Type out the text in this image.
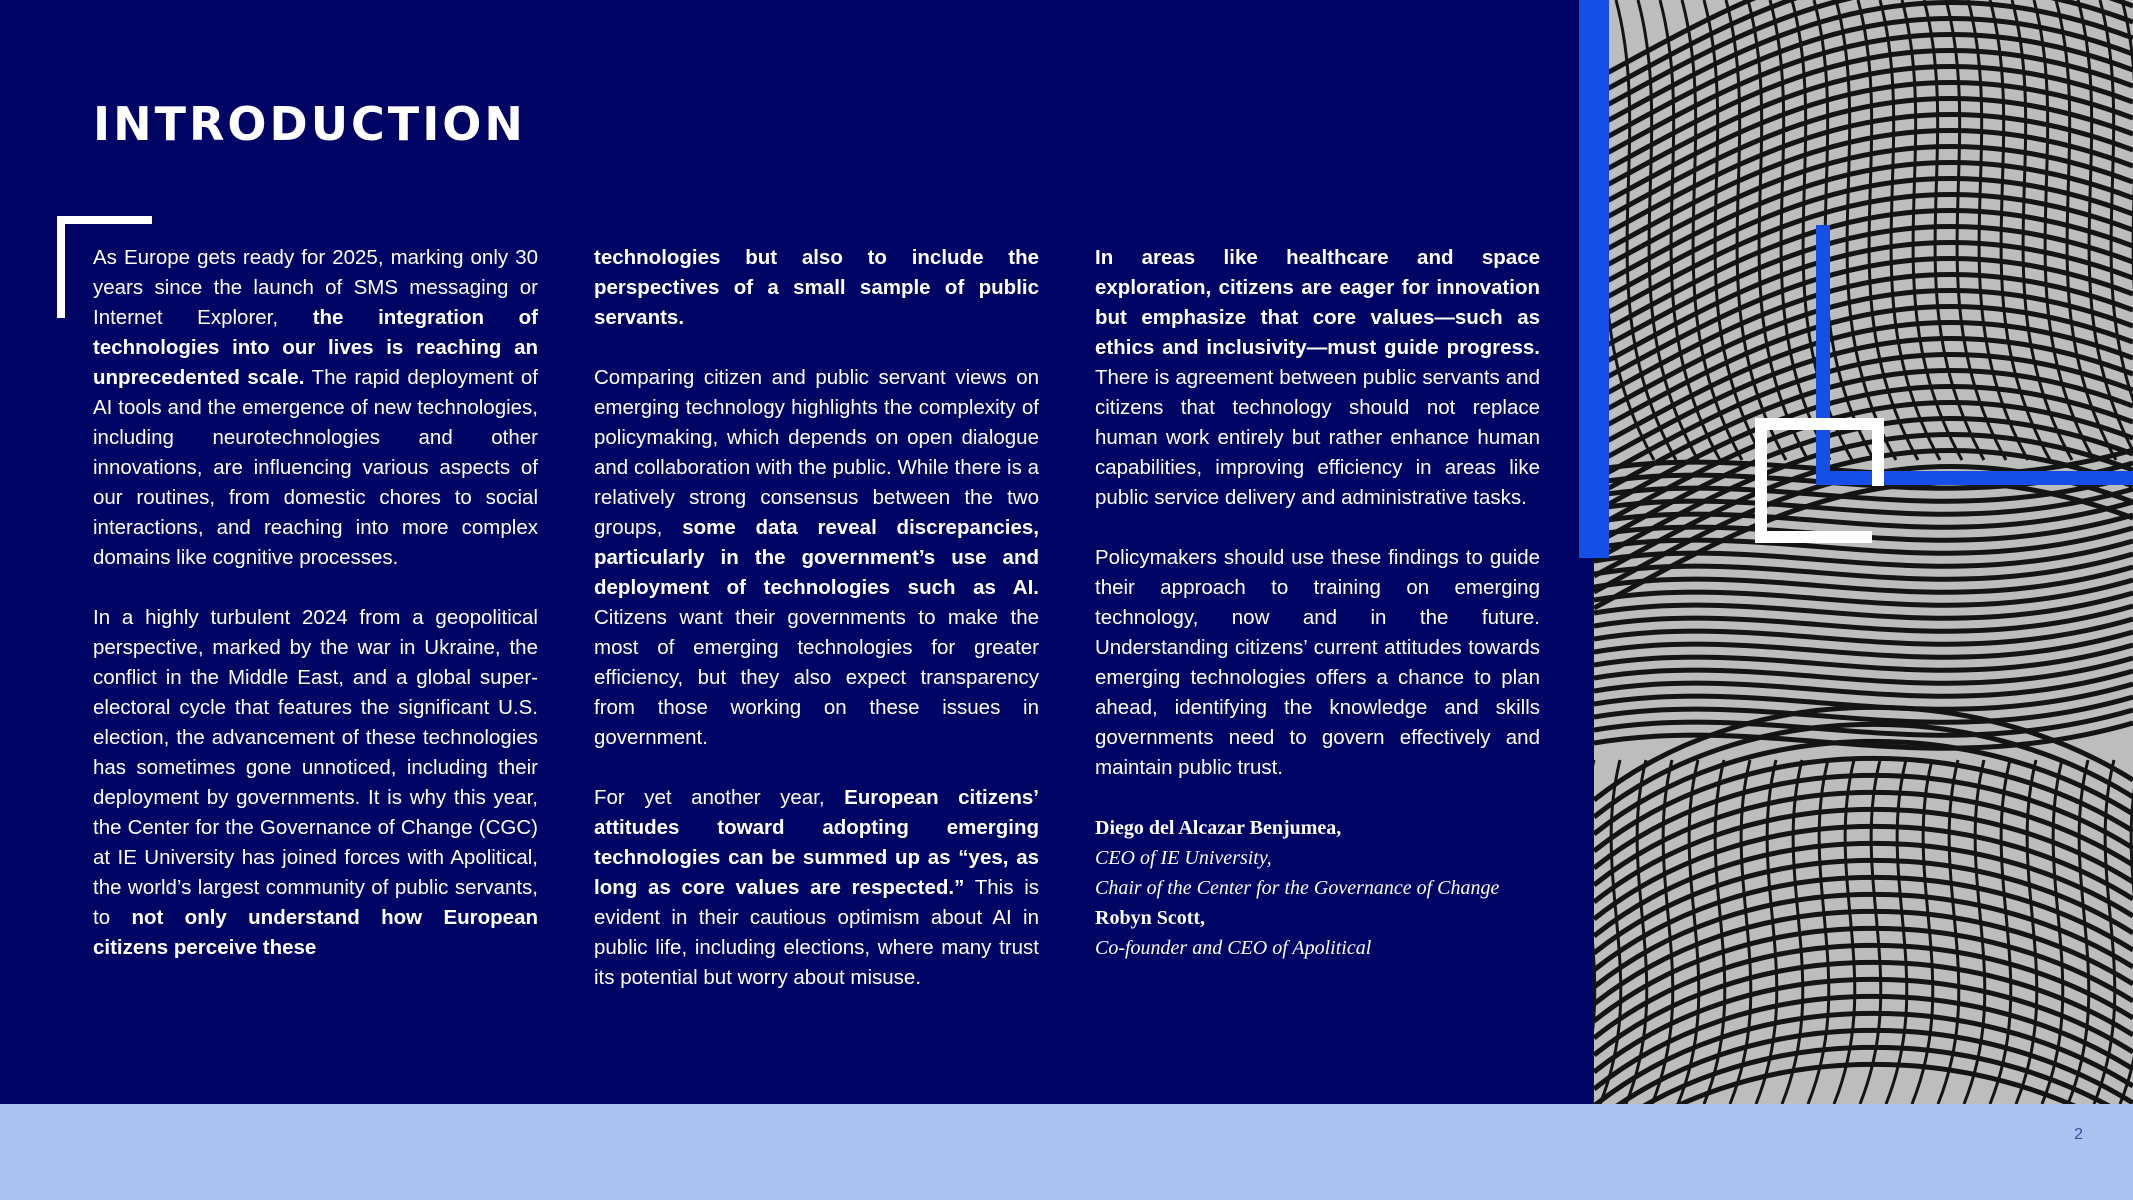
INTRODUCTION

As Europe gets ready for 2025, marking only 30 years since the launch of SMS messaging or Internet Explorer, the integration of technologies into our lives is reaching an unprecedented scale. The rapid deployment of AI tools and the emergence of new technologies, including neurotechnologies and other innovations, are influencing various aspects of our routines, from domestic chores to social interactions, and reaching into more complex domains like cognitive processes.

In a highly turbulent 2024 from a geopolitical perspective, marked by the war in Ukraine, the conflict in the Middle East, and a global super-electoral cycle that features the significant U.S. election, the advancement of these technologies has sometimes gone unnoticed, including their deployment by governments. It is why this year, the Center for the Governance of Change (CGC) at IE University has joined forces with Apolitical, the world’s largest community of public servants, to not only understand how European citizens perceive these

technologies but also to include the perspectives of a small sample of public servants.

Comparing citizen and public servant views on emerging technology highlights the complexity of policymaking, which depends on open dialogue and collaboration with the public. While there is a relatively strong consensus between the two groups, some data reveal discrepancies, particularly in the government’s use and deployment of technologies such as AI. Citizens want their governments to make the most of emerging technologies for greater efficiency, but they also expect transparency from those working on these issues in government.

For yet another year, European citizens’ attitudes toward adopting emerging technologies can be summed up as “yes, as long as core values are respected.” This is evident in their cautious optimism about AI in public life, including elections, where many trust its potential but worry about misuse.

In areas like healthcare and space exploration, citizens are eager for innovation but emphasize that core values—such as ethics and inclusivity—must guide progress. There is agreement between public servants and citizens that technology should not replace human work entirely but rather enhance human capabilities, improving efficiency in areas like public service delivery and administrative tasks.

Policymakers should use these findings to guide their approach to training on emerging technology, now and in the future. Understanding citizens’ current attitudes towards emerging technologies offers a chance to plan ahead, identifying the knowledge and skills governments need to govern effectively and maintain public trust.

Diego del Alcazar Benjumea,
CEO of IE University,
Chair of the Center for the Governance of Change
Robyn Scott,
Co-founder and CEO of Apolitical
2
